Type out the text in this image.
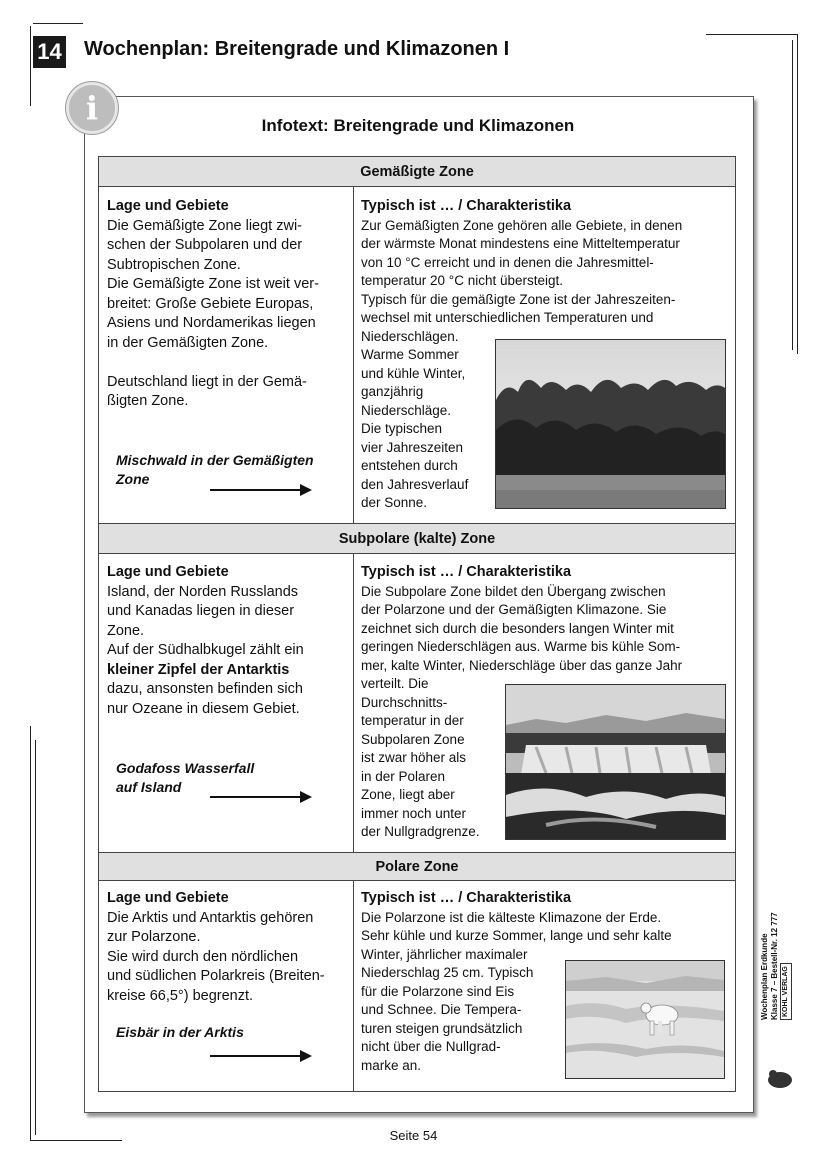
14 Wochenplan: Breitengrade und Klimazonen I
i	Infotext: Breitengrade und Klimazonen
Gemäßigte Zone
Lage und Gebiete
Die Gemäßigte Zone liegt zwi-
schen der Subpolaren und der
Subtropischen Zone.
Die Gemäßigte Zone ist weit ver-
breitet: Große Gebiete Europas,
Asiens und Nordamerikas liegen
in der Gemäßigten Zone.
Deutschland liegt in der Gemä-
ßigten Zone.
Mischwald in der Gemäßigten
Zone
Typisch ist … / Charakteristika
Zur Gemäßigten Zone gehören alle Gebiete, in denen
der wärmste Monat mindestens eine Mitteltemperatur
von 10 °C erreicht und in denen die Jahresmittel-
temperatur 20 °C nicht übersteigt.
Typisch für die gemäßigte Zone ist der Jahreszeiten-
wechsel mit unterschiedlichen Temperaturen und
Niederschlägen.
Warme Sommer
und kühle Winter,
ganzjährig
Niederschläge.
Die typischen
vier Jahreszeiten
entstehen durch
den Jahresverlauf
der Sonne.
Subpolare (kalte) Zone
Lage und Gebiete
Island, der Norden Russlands
und Kanadas liegen in dieser
Zone.
Auf der Südhalbkugel zählt ein
kleiner Zipfel der Antarktis
dazu, ansonsten befinden sich
nur Ozeane in diesem Gebiet.
Godafoss Wasserfall
auf Island
Typisch ist … / Charakteristika
Die Subpolare Zone bildet den Übergang zwischen
der Polarzone und der Gemäßigten Klimazone. Sie
zeichnet sich durch die besonders langen Winter mit
geringen Niederschlägen aus. Warme bis kühle Som-
mer, kalte Winter, Niederschläge über das ganze Jahr
verteilt. Die
Durchschnitts-
temperatur in der
Subpolaren Zone
ist zwar höher als
in der Polaren
Zone, liegt aber
immer noch unter
der Nullgradgrenze.
Polare Zone
Lage und Gebiete
Die Arktis und Antarktis gehören
zur Polarzone.
Sie wird durch den nördlichen
und südlichen Polarkreis (Breiten-
kreise 66,5°) begrenzt.
Eisbär in der Arktis
Typisch ist … / Charakteristika
Die Polarzone ist die kälteste Klimazone der Erde.
Sehr kühle und kurze Sommer, lange und sehr kalte
Winter, jährlicher maximaler
Niederschlag 25 cm. Typisch
für die Polarzone sind Eis
und Schnee. Die Tempera-
turen steigen grundsätzlich
nicht über die Nullgrad-
marke an.
Wochenplan Erdkunde Klasse 7 – Bestell-Nr. 12 777 KOHL VERLAG
Seite 54
